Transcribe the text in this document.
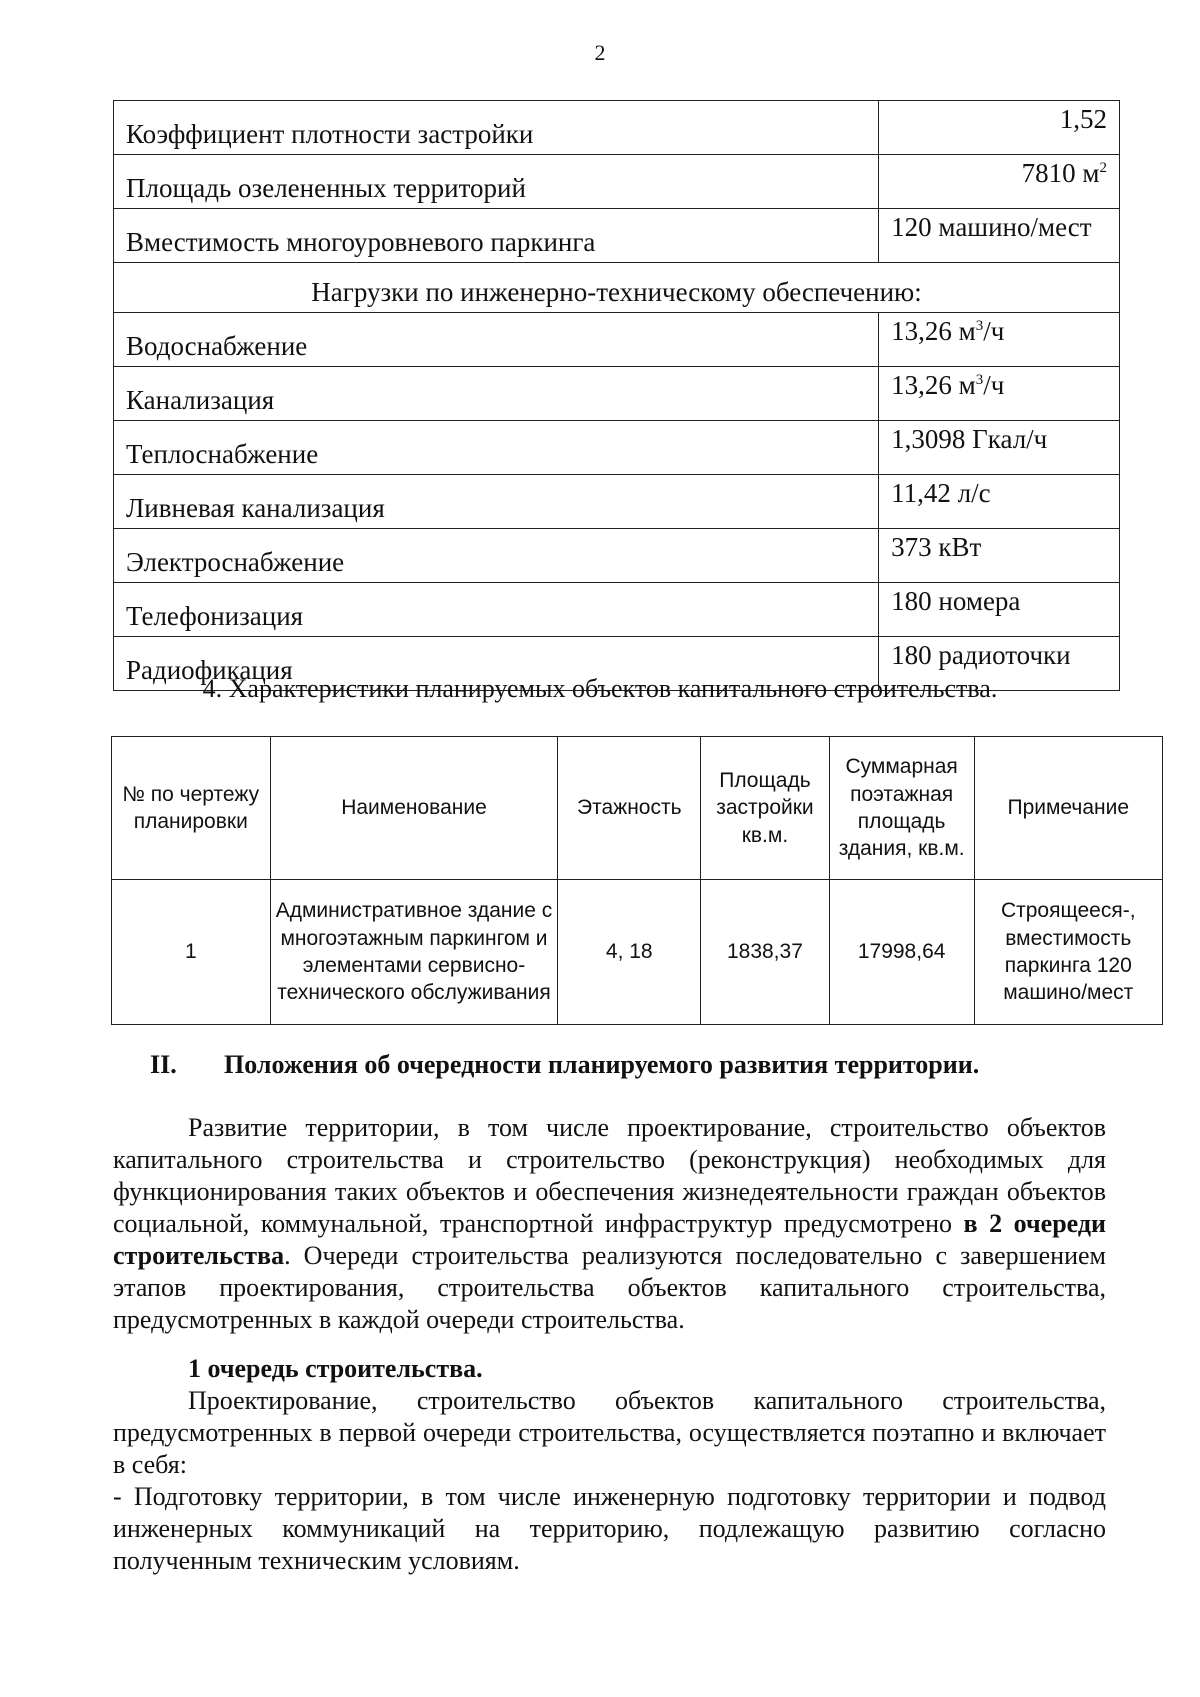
2
Коэффициент плотности застройки	1,52
Площадь озелененных территорий	7810 $м^2$
Вместимость многоуровневого паркинга	120 машино/мест
Нагрузки по инженерно-техническому обеспечению:	
Водоснабжение	13,26 $м^3/ч$
Канализация	13,26 $м^3/ч$
Теплоснабжение	1,3098 Гкал/ч
Ливневая канализация	11,42 л/с
Электроснабжение	373 кВт
Телефонизация	180 номера
Радиофикация	180 радиоточки
4. Характеристики планируемых объектов капитального строительства.
№ по чертежу планировки	Наименование	Этажность	Площадь застройки кв.м.	Суммарная поэтажная площадь здания, кв.м.	Примечание
1	Административное здание с многоэтажным паркингом и элементами сервисно-технического обслуживания	4, 18	1838,37	17998,64	Строящееся-, вместимость паркинга 120 машино/мест
II. Положения об очередности планируемого развития территории.

Развитие территории, в том числе проектирование, строительство объектов капитального строительства и строительство (реконструкция) необходимых для функционирования таких объектов и обеспечения жизнедеятельности граждан объектов социальной, коммунальной, транспортной инфраструктур предусмотрено в 2 очереди строительства. Очереди строительства реализуются последовательно с завершением этапов проектирования, строительства объектов капитального строительства, предусмотренных в каждой очереди строительства.

1 очередь строительства.

Проектирование, строительство объектов капитального строительства, предусмотренных в первой очереди строительства, осуществляется поэтапно и включает в себя:

- Подготовку территории, в том числе инженерную подготовку территории и подвод инженерных коммуникаций на территорию, подлежащую развитию согласно полученным техническим условиям.
